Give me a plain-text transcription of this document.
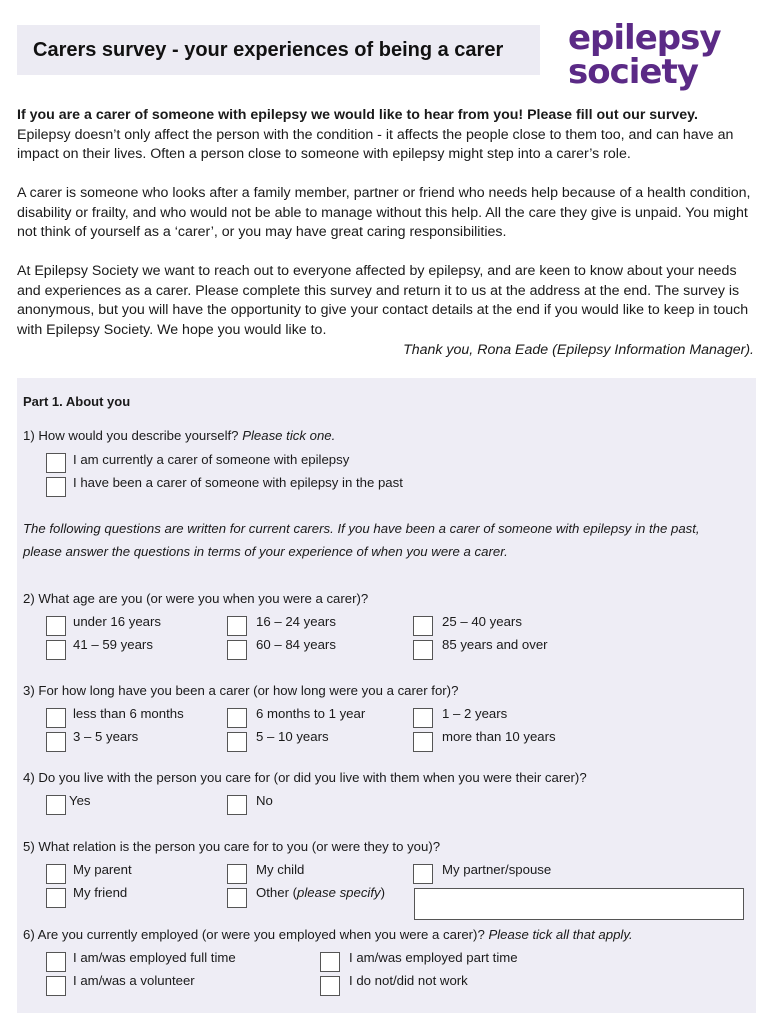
Carers survey - your experiences of being a carer epilepsy
society
If you are a carer of someone with epilepsy we would like to hear from you! Please fill out our survey.

Epilepsy doesn’t only affect the person with the condition - it affects the people close to them too, and can have an impact on their lives. Often a person close to someone with epilepsy might step into a carer’s role.

A carer is someone who looks after a family member, partner or friend who needs help because of a health condition, disability or frailty, and who would not be able to manage without this help. All the care they give is unpaid. You might not think of yourself as a ‘carer’, or you may have great caring responsibilities.

At Epilepsy Society we want to reach out to everyone affected by epilepsy, and are keen to know about your needs and experiences as a carer. Please complete this survey and return it to us at the address at the end. The survey is anonymous, but you will have the opportunity to give your contact details at the end if you would like to keep in touch with Epilepsy Society. We hope you would like to.

Thank you, Rona Eade (Epilepsy Information Manager).
Part 1. About you
1) How would you describe yourself? Please tick one.
I am currently a carer of someone with epilepsy
I have been a carer of someone with epilepsy in the past
The following questions are written for current carers. If you have been a carer of someone with epilepsy in the past,
please answer the questions in terms of your experience of when you were a carer.
2) What age are you (or were you when you were a carer)?
under 16 years	16 – 24 years	25 – 40 years
41 – 59 years	60 – 84 years	85 years and over
3) For how long have you been a carer (or how long were you a carer for)?
less than 6 months	6 months to 1 year	1 – 2 years
3 – 5 years	5 – 10 years	more than 10 years
4) Do you live with the person you care for (or did you live with them when you were their carer)?
Yes	No
5) What relation is the person you care for to you (or were they to you)?
My parent	My child	My partner/spouse
My friend	Other (please specify)
6) Are you currently employed (or were you employed when you were a carer)? Please tick all that apply.
I am/was employed full time	I am/was employed part time
I am/was a volunteer	I do not/did not work
